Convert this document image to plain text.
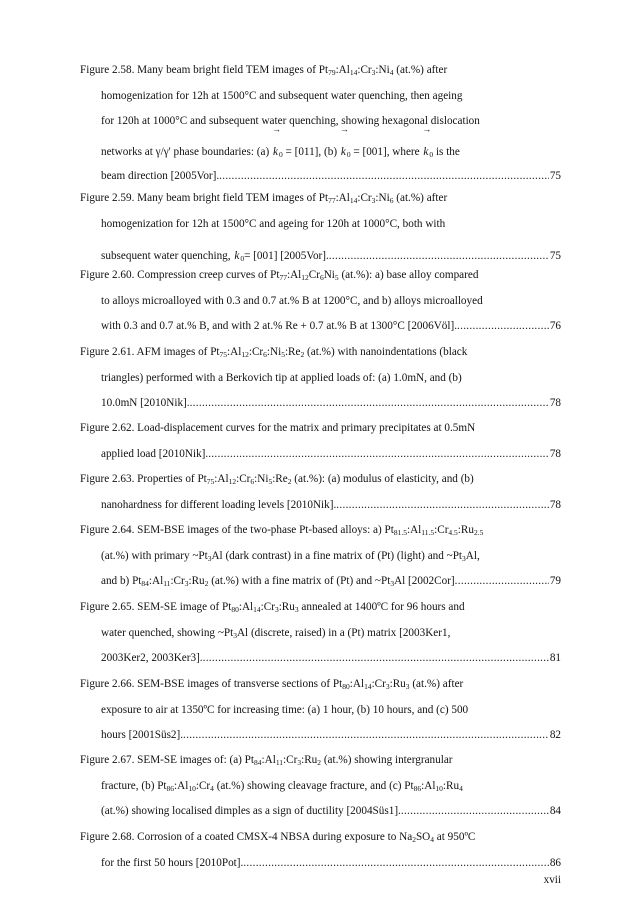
Figure 2.58. Many beam bright field TEM images of $Pt_{79}:Al_{14}:Cr_3:Ni_4$ (at.%) after
homogenization for 12h at 1500°C and subsequent water quenching, then ageing
for 120h at 1000°C and subsequent water quenching, showing hexagonal dislocation
networks at γ/γ' phase boundaries: $(a) \to k_0 = [011]$, $(b) \to k_0 = [001]$, where → $k_0$ is the
beam direction [2005Vor]. .....	75
Figure 2.59. Many beam bright field TEM images of $Pt_{77}:Al_{14}:Cr_3:Ni_6$ (at.%) after
homogenization for 12h at 1500°C and ageing for 120h at 1000°C, both with
subsequent water quenching, → $k_0= [001]$ [2005Vor]. .....	75
Figure 2.60. Compression creep curves of $Pt_{77}:Al_{12}Cr_6Ni_5$ (at.%): a) base alloy compared
to alloys microalloyed with 0.3 and 0.7 at.% B at 1200°C, and b) alloys microalloyed
with 0.3 and 0.7 at.% B, and with 2 at.% Re + 0.7 at.% B at 1300°C [2006Völ]. .....	76
Figure 2.61. AFM images of $Pt_{75}:Al_{12}:Cr_6:Ni_5:Re_2$ (at.%) with nanoindentations (black
triangles) performed with a Berkovich tip at applied loads of: (a) 1.0mN, and (b)
10.0mN [2010Nik]. .....	78
Figure 2.62. Load-displacement curves for the matrix and primary precipitates at 0.5mN
applied load [2010Nik]. .....	78
Figure 2.63. Properties of $Pt_{75}:Al_{12}:Cr_6:Ni_5:Re_2$ (at.%): (a) modulus of elasticity, and (b)
nanohardness for different loading levels [2010Nik]. .....	78
Figure 2.64. SEM-BSE images of the two-phase Pt-based alloys: a) $Pt_{81.5}:Al_{11.5}:Cr_{4.5}:Ru_{2.5}$
(at.%) with primary $\sim Pt_3Al$ (dark contrast) in a fine matrix of (Pt) (light) and $\sim Pt_3Al$,
and b) $Pt_{84}:Al_{11}:Cr_3:Ru_2$ (at.%) with a fine matrix of (Pt) and $\sim Pt_3Al$ [2002Cor] .....	79
Figure 2.65. SEM-SE image of $Pt_{80}:Al_{14}:Cr_3:Ru_3$ annealed at 1400ºC for 96 hours and
water quenched, showing $\sim Pt_3Al$ (discrete, raised) in a (Pt) matrix [2003Ker1,
2003Ker2, 2003Ker3]. .....	81
Figure 2.66. SEM-BSE images of transverse sections of $Pt_{80}:Al_{14}:Cr_3:Ru_3$ (at.%) after
exposure to air at 1350ºC for increasing time: (a) 1 hour, (b) 10 hours, and (c) 500
hours [2001Süs2]. .....	82
Figure 2.67. SEM-SE images of: (a) $Pt_{84}:Al_{11}:Cr_3:Ru_2$ (at.%) showing intergranular
fracture, (b) $Pt_{86}:Al_{10}:Cr_4$ (at.%) showing cleavage fracture, and (c) $Pt_{86}:Al_{10}:Ru_4$
(at.%) showing localised dimples as a sign of ductility [2004Süs1]. .....	84
Figure 2.68. Corrosion of a coated CMSX-4 NBSA during exposure to $Na_2SO_4$ at 950ºC
for the first 50 hours [2010Pot]. .....	86
xvii
